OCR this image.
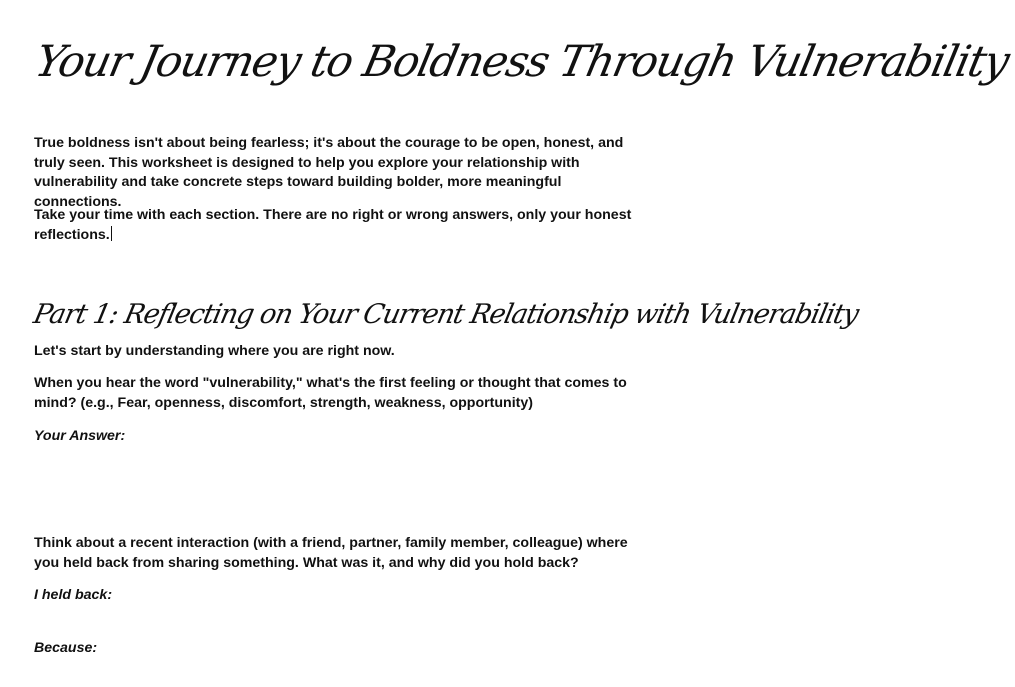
Your Journey to Boldness Through Vulnerability

True boldness isn't about being fearless; it's about the courage to be open, honest, and truly seen. This worksheet is designed to help you explore your relationship with vulnerability and take concrete steps toward building bolder, more meaningful connections.

Take your time with each section. There are no right or wrong answers, only your honest reflections.

Part 1: Reflecting on Your Current Relationship with Vulnerability

Let's start by understanding where you are right now.

When you hear the word "vulnerability," what's the first feeling or thought that comes to mind? (e.g., Fear, openness, discomfort, strength, weakness, opportunity)

Your Answer:

Think about a recent interaction (with a friend, partner, family member, colleague) where you held back from sharing something. What was it, and why did you hold back?

I held back:
Because:
